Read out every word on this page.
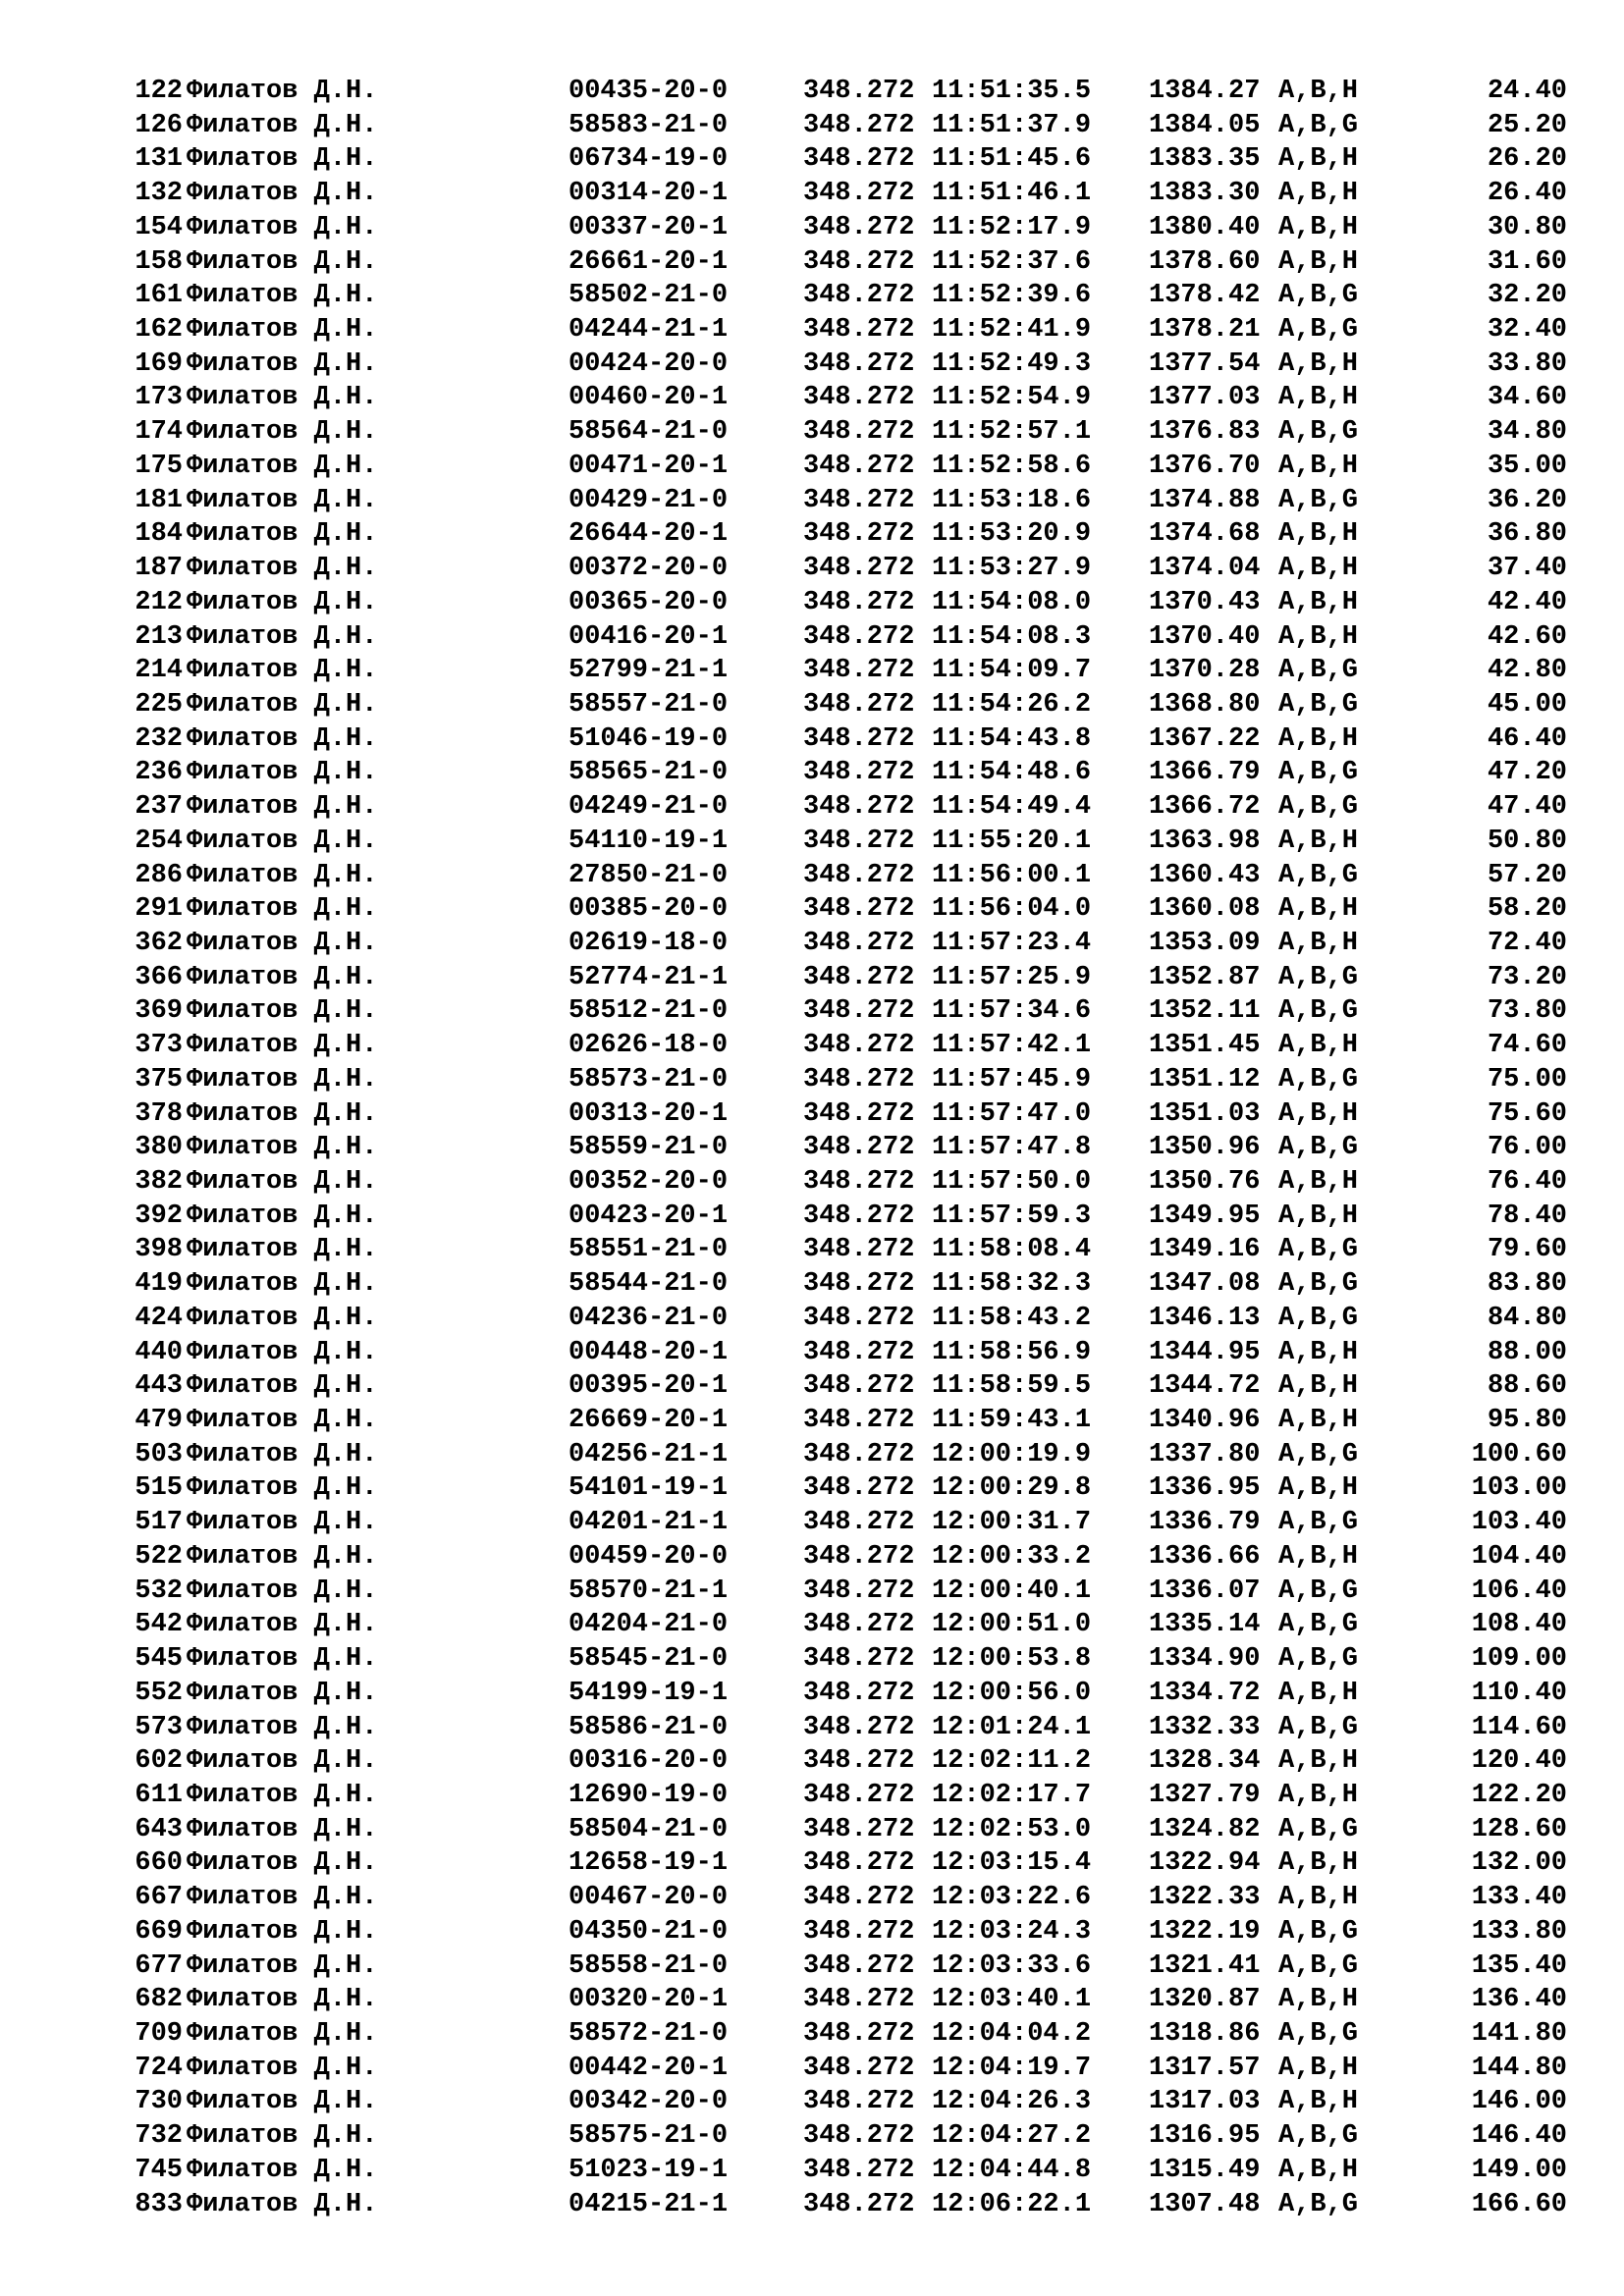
122 Филатов Д.Н.	00435-20-0	348.272 11:51:35.5 1384.27 A,B,H	24.40
126 Филатов Д.Н.	58583-21-0	348.272 11:51:37.9 1384.05 A,B,G	25.20
131 Филатов Д.Н.	06734-19-0	348.272 11:51:45.6 1383.35 A,B,H	26.20
132 Филатов Д.Н.	00314-20-1	348.272 11:51:46.1 1383.30 A,B,H	26.40
154 Филатов Д.Н.	00337-20-1	348.272 11:52:17.9 1380.40 A,B,H	30.80
158 Филатов Д.Н.	26661-20-1	348.272 11:52:37.6 1378.60 A,B,H	31.60
161 Филатов Д.Н.	58502-21-0	348.272 11:52:39.6 1378.42 A,B,G	32.20
162 Филатов Д.Н.	04244-21-1	348.272 11:52:41.9 1378.21 A,B,G	32.40
169 Филатов Д.Н.	00424-20-0	348.272 11:52:49.3 1377.54 A,B,H	33.80
173 Филатов Д.Н.	00460-20-1	348.272 11:52:54.9 1377.03 A,B,H	34.60
174 Филатов Д.Н.	58564-21-0	348.272 11:52:57.1 1376.83 A,B,G	34.80
175 Филатов Д.Н.	00471-20-1	348.272 11:52:58.6 1376.70 A,B,H	35.00
181 Филатов Д.Н.	00429-21-0	348.272 11:53:18.6 1374.88 A,B,G	36.20
184 Филатов Д.Н.	26644-20-1	348.272 11:53:20.9 1374.68 A,B,H	36.80
187 Филатов Д.Н.	00372-20-0	348.272 11:53:27.9 1374.04 A,B,H	37.40
212 Филатов Д.Н.	00365-20-0	348.272 11:54:08.0 1370.43 A,B,H	42.40
213 Филатов Д.Н.	00416-20-1	348.272 11:54:08.3 1370.40 A,B,H	42.60
214 Филатов Д.Н.	52799-21-1	348.272 11:54:09.7 1370.28 A,B,G	42.80
225 Филатов Д.Н.	58557-21-0	348.272 11:54:26.2 1368.80 A,B,G	45.00
232 Филатов Д.Н.	51046-19-0	348.272 11:54:43.8 1367.22 A,B,H	46.40
236 Филатов Д.Н.	58565-21-0	348.272 11:54:48.6 1366.79 A,B,G	47.20
237 Филатов Д.Н.	04249-21-0	348.272 11:54:49.4 1366.72 A,B,G	47.40
254 Филатов Д.Н.	54110-19-1	348.272 11:55:20.1 1363.98 A,B,H	50.80
286 Филатов Д.Н.	27850-21-0	348.272 11:56:00.1 1360.43 A,B,G	57.20
291 Филатов Д.Н.	00385-20-0	348.272 11:56:04.0 1360.08 A,B,H	58.20
362 Филатов Д.Н.	02619-18-0	348.272 11:57:23.4 1353.09 A,B,H	72.40
366 Филатов Д.Н.	52774-21-1	348.272 11:57:25.9 1352.87 A,B,G	73.20
369 Филатов Д.Н.	58512-21-0	348.272 11:57:34.6 1352.11 A,B,G	73.80
373 Филатов Д.Н.	02626-18-0	348.272 11:57:42.1 1351.45 A,B,H	74.60
375 Филатов Д.Н.	58573-21-0	348.272 11:57:45.9 1351.12 A,B,G	75.00
378 Филатов Д.Н.	00313-20-1	348.272 11:57:47.0 1351.03 A,B,H	75.60
380 Филатов Д.Н.	58559-21-0	348.272 11:57:47.8 1350.96 A,B,G	76.00
382 Филатов Д.Н.	00352-20-0	348.272 11:57:50.0 1350.76 A,B,H	76.40
392 Филатов Д.Н.	00423-20-1	348.272 11:57:59.3 1349.95 A,B,H	78.40
398 Филатов Д.Н.	58551-21-0	348.272 11:58:08.4 1349.16 A,B,G	79.60
419 Филатов Д.Н.	58544-21-0	348.272 11:58:32.3 1347.08 A,B,G	83.80
424 Филатов Д.Н.	04236-21-0	348.272 11:58:43.2 1346.13 A,B,G	84.80
440 Филатов Д.Н.	00448-20-1	348.272 11:58:56.9 1344.95 A,B,H	88.00
443 Филатов Д.Н.	00395-20-1	348.272 11:58:59.5 1344.72 A,B,H	88.60
479 Филатов Д.Н.	26669-20-1	348.272 11:59:43.1 1340.96 A,B,H	95.80
503 Филатов Д.Н.	04256-21-1	348.272 12:00:19.9 1337.80 A,B,G	100.60
515 Филатов Д.Н.	54101-19-1	348.272 12:00:29.8 1336.95 A,B,H	103.00
517 Филатов Д.Н.	04201-21-1	348.272 12:00:31.7 1336.79 A,B,G	103.40
522 Филатов Д.Н.	00459-20-0	348.272 12:00:33.2 1336.66 A,B,H	104.40
532 Филатов Д.Н.	58570-21-1	348.272 12:00:40.1 1336.07 A,B,G	106.40
542 Филатов Д.Н.	04204-21-0	348.272 12:00:51.0 1335.14 A,B,G	108.40
545 Филатов Д.Н.	58545-21-0	348.272 12:00:53.8 1334.90 A,B,G	109.00
552 Филатов Д.Н.	54199-19-1	348.272 12:00:56.0 1334.72 A,B,H	110.40
573 Филатов Д.Н.	58586-21-0	348.272 12:01:24.1 1332.33 A,B,G	114.60
602 Филатов Д.Н.	00316-20-0	348.272 12:02:11.2 1328.34 A,B,H	120.40
611 Филатов Д.Н.	12690-19-0	348.272 12:02:17.7 1327.79 A,B,H	122.20
643 Филатов Д.Н.	58504-21-0	348.272 12:02:53.0 1324.82 A,B,G	128.60
660 Филатов Д.Н.	12658-19-1	348.272 12:03:15.4 1322.94 A,B,H	132.00
667 Филатов Д.Н.	00467-20-0	348.272 12:03:22.6 1322.33 A,B,H	133.40
669 Филатов Д.Н.	04350-21-0	348.272 12:03:24.3 1322.19 A,B,G	133.80
677 Филатов Д.Н.	58558-21-0	348.272 12:03:33.6 1321.41 A,B,G	135.40
682 Филатов Д.Н.	00320-20-1	348.272 12:03:40.1 1320.87 A,B,H	136.40
709 Филатов Д.Н.	58572-21-0	348.272 12:04:04.2 1318.86 A,B,G	141.80
724 Филатов Д.Н.	00442-20-1	348.272 12:04:19.7 1317.57 A,B,H	144.80
730 Филатов Д.Н.	00342-20-0	348.272 12:04:26.3 1317.03 A,B,H	146.00
732 Филатов Д.Н.	58575-21-0	348.272 12:04:27.2 1316.95 A,B,G	146.40
745 Филатов Д.Н.	51023-19-1	348.272 12:04:44.8 1315.49 A,B,H	149.00
833 Филатов Д.Н.	04215-21-1	348.272 12:06:22.1 1307.48 A,B,G	166.60
